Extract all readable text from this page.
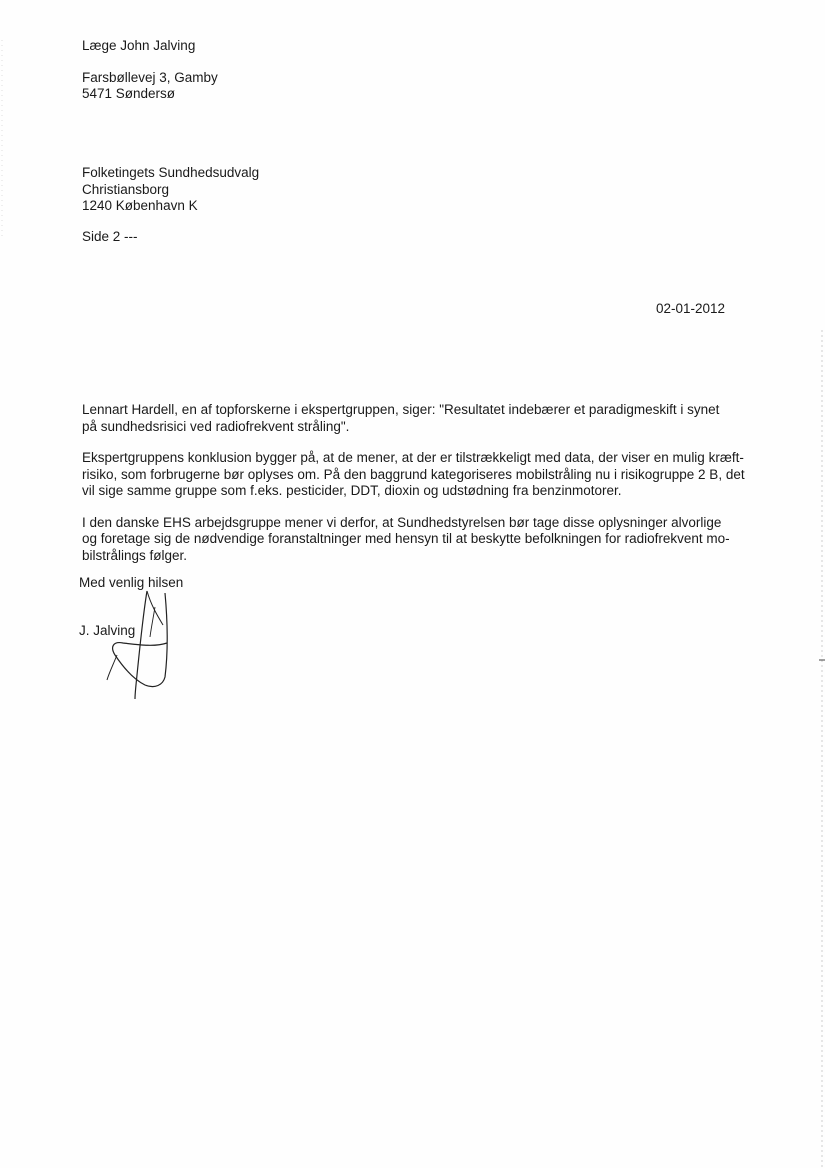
Læge John Jalving
Farsbøllevej 3, Gamby
5471 Søndersø
Folketingets Sundhedsudvalg
Christiansborg
1240 København K
Side 2 ---
02-01-2012
Lennart Hardell, en af topforskerne i ekspertgruppen, siger: "Resultatet indebærer et paradigmeskift i synet
på sundhedsrisici ved radiofrekvent stråling".
Ekspertgruppens konklusion bygger på, at de mener, at der er tilstrækkeligt med data, der viser en mulig kræft-
risiko, som forbrugerne bør oplyses om. På den baggrund kategoriseres mobilstråling nu i risikogruppe 2 B, det
vil sige samme gruppe som f.eks. pesticider, DDT, dioxin og udstødning fra benzinmotorer.
I den danske EHS arbejdsgruppe mener vi derfor, at Sundhedstyrelsen bør tage disse oplysninger alvorlige
og foretage sig de nødvendige foranstaltninger med hensyn til at beskytte befolkningen for radiofrekvent mo-
bilstrålings følger.
Med venlig hilsen
J. Jalving
